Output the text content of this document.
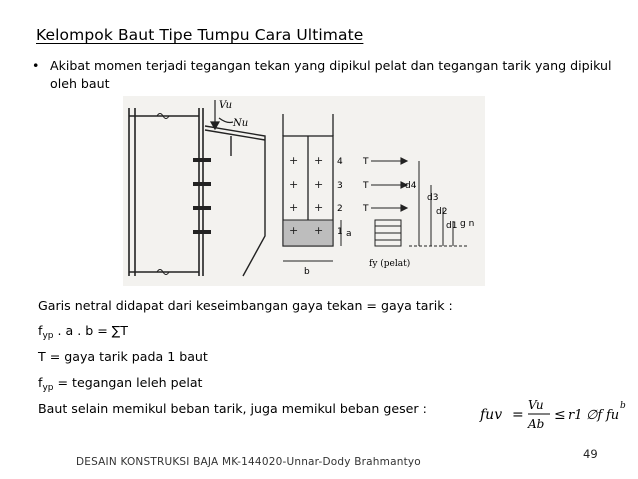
Kelompok Baut Tipe Tumpu Cara Ultimate
• Akibat momen terjadi tegangan tekan yang dipikul pelat dan tegangan tarik yang dipikul oleh baut
Vu
Nu
+ +
+ +
+ +
+ +
4
3
2
1
b
a
T
T
T
fy (pelat)
d4
d3
d2
d1 g n
Garis netral didapat dari keseimbangan gaya tekan = gaya tarik :
$f_{yp}$ . a . b = ∑T
T = gaya tarik pada 1 baut
$f_{yp}$ = tegangan leleh pelat
Baut selain memikul beban tarik, juga memikul beban geser :	fuv =
Vu
Ab
≤ r1 ∅f fu
b
DESAIN KONSTRUKSI BAJA MK-144020-Unnar-Dody Brahmantyo
49
